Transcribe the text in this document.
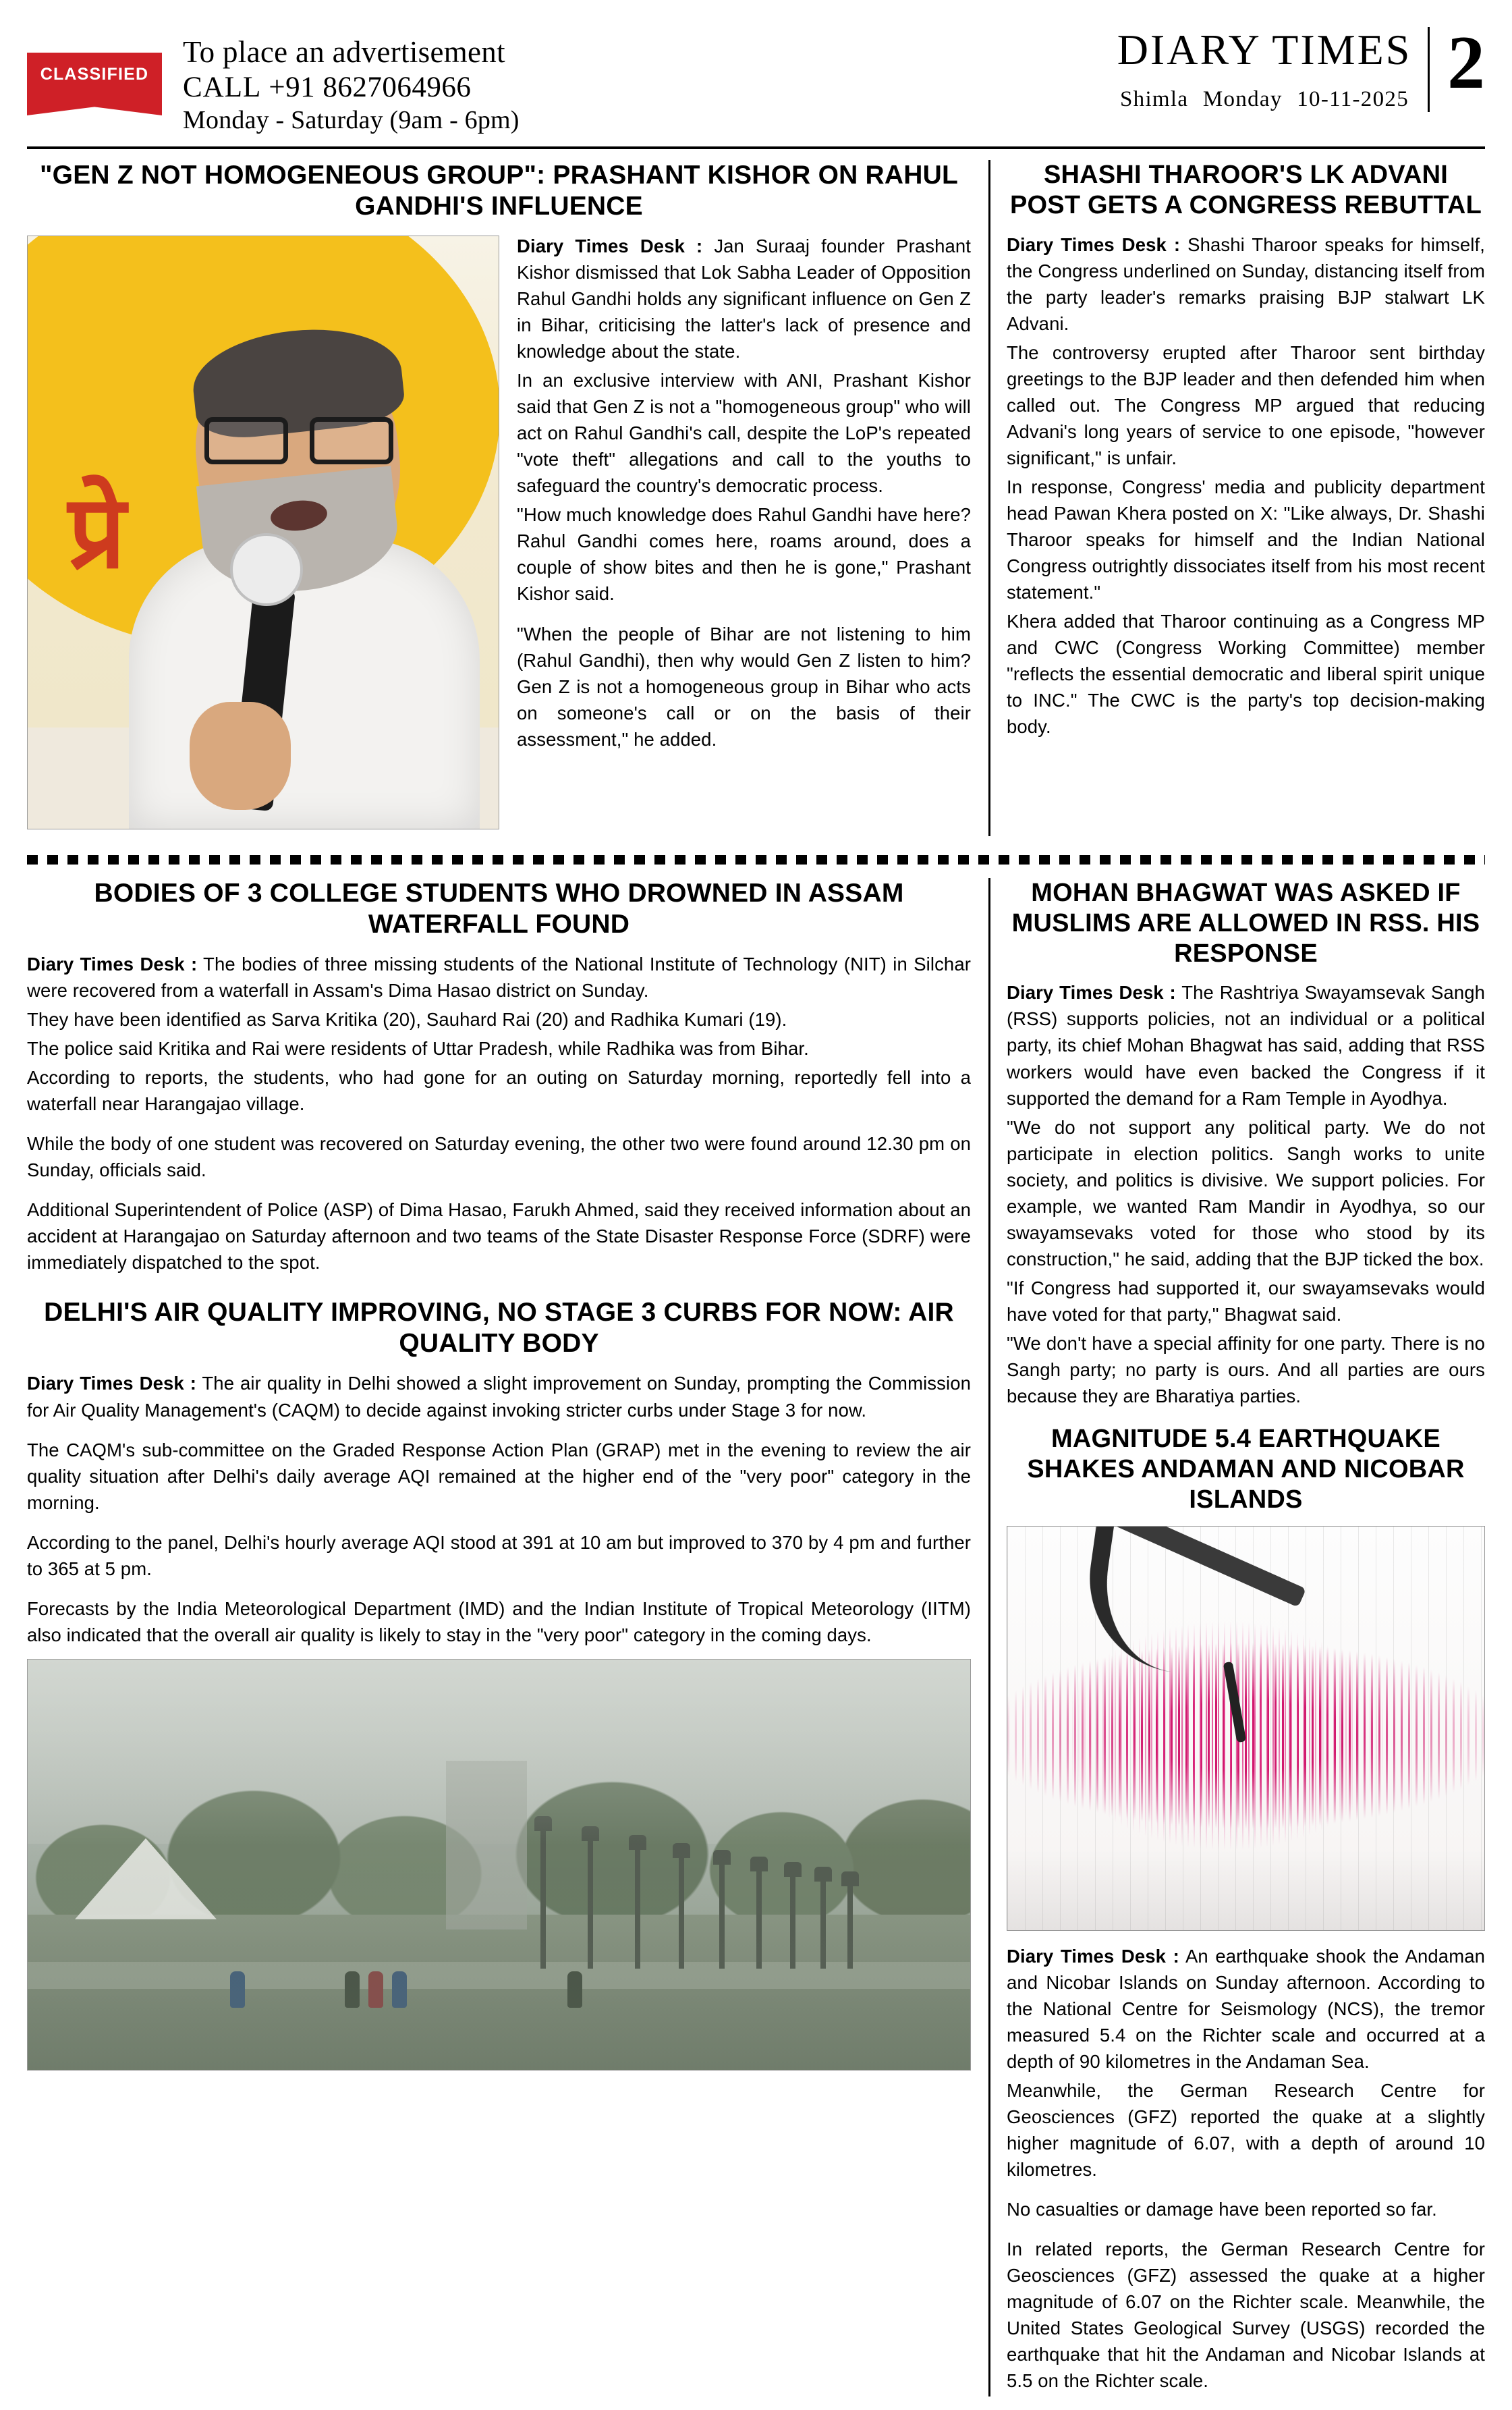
CLASSIFIED
To place an advertisement
CALL +91 8627064966
Monday - Saturday (9am - 6pm)
DIARY TIMES
Shimla Monday 10-11-2025 2
"GEN Z NOT HOMOGENEOUS GROUP": PRASHANT KISHOR ON RAHUL GANDHI'S INFLUENCE
प्रे

Diary Times Desk : Jan Suraaj founder Prashant Kishor dismissed that Lok Sabha Leader of Opposition Rahul Gandhi holds any significant influence on Gen Z in Bihar, criticising the latter's lack of presence and knowledge about the state.

In an exclusive interview with ANI, Prashant Kishor said that Gen Z is not a "homogeneous group" who will act on Rahul Gandhi's call, despite the LoP's repeated "vote theft" allegations and call to the youths to safeguard the country's democratic process.

"How much knowledge does Rahul Gandhi have here? Rahul Gandhi comes here, roams around, does a couple of show bites and then he is gone," Prashant Kishor said.

"When the people of Bihar are not listening to him (Rahul Gandhi), then why would Gen Z listen to him? Gen Z is not a homogeneous group in Bihar who acts on someone's call or on the basis of their assessment," he added.

SHASHI THAROOR'S LK ADVANI POST GETS A CONGRESS REBUTTAL

Diary Times Desk : Shashi Tharoor speaks for himself, the Congress underlined on Sunday, distancing itself from the party leader's remarks praising BJP stalwart LK Advani.

The controversy erupted after Tharoor sent birthday greetings to the BJP leader and then defended him when called out. The Congress MP argued that reducing Advani's long years of service to one episode, "however significant," is unfair.

In response, Congress' media and publicity department head Pawan Khera posted on X: "Like always, Dr. Shashi Tharoor speaks for himself and the Indian National Congress outrightly dissociates itself from his most recent statement."

Khera added that Tharoor continuing as a Congress MP and CWC (Congress Working Committee) member "reflects the essential democratic and liberal spirit unique to INC." The CWC is the party's top decision-making body.

BODIES OF 3 COLLEGE STUDENTS WHO DROWNED IN ASSAM WATERFALL FOUND

Diary Times Desk : The bodies of three missing students of the National Institute of Technology (NIT) in Silchar were recovered from a waterfall in Assam's Dima Hasao district on Sunday.

They have been identified as Sarva Kritika (20), Sauhard Rai (20) and Radhika Kumari (19).

The police said Kritika and Rai were residents of Uttar Pradesh, while Radhika was from Bihar.

According to reports, the students, who had gone for an outing on Saturday morning, reportedly fell into a waterfall near Harangajao village.

While the body of one student was recovered on Saturday evening, the other two were found around 12.30 pm on Sunday, officials said.

Additional Superintendent of Police (ASP) of Dima Hasao, Farukh Ahmed, said they received information about an accident at Harangajao on Saturday afternoon and two teams of the State Disaster Response Force (SDRF) were immediately dispatched to the spot.

DELHI'S AIR QUALITY IMPROVING, NO STAGE 3 CURBS FOR NOW: AIR QUALITY BODY

Diary Times Desk : The air quality in Delhi showed a slight improvement on Sunday, prompting the Commission for Air Quality Management's (CAQM) to decide against invoking stricter curbs under Stage 3 for now.

The CAQM's sub-committee on the Graded Response Action Plan (GRAP) met in the evening to review the air quality situation after Delhi's daily average AQI remained at the higher end of the "very poor" category in the morning.

According to the panel, Delhi's hourly average AQI stood at 391 at 10 am but improved to 370 by 4 pm and further to 365 at 5 pm.

Forecasts by the India Meteorological Department (IMD) and the Indian Institute of Tropical Meteorology (IITM) also indicated that the overall air quality is likely to stay in the "very poor" category in the coming days.

MOHAN BHAGWAT WAS ASKED IF MUSLIMS ARE ALLOWED IN RSS. HIS RESPONSE

Diary Times Desk : The Rashtriya Swayamsevak Sangh (RSS) supports policies, not an individual or a political party, its chief Mohan Bhagwat has said, adding that RSS workers would have even backed the Congress if it supported the demand for a Ram Temple in Ayodhya.

"We do not support any political party. We do not participate in election politics. Sangh works to unite society, and politics is divisive. We support policies. For example, we wanted Ram Mandir in Ayodhya, so our swayamsevaks voted for those who stood by its construction," he said, adding that the BJP ticked the box.

"If Congress had supported it, our swayamsevaks would have voted for that party," Bhagwat said.

"We don't have a special affinity for one party. There is no Sangh party; no party is ours. And all parties are ours because they are Bharatiya parties.

MAGNITUDE 5.4 EARTHQUAKE SHAKES ANDAMAN AND NICOBAR ISLANDS

Diary Times Desk : An earthquake shook the Andaman and Nicobar Islands on Sunday afternoon. According to the National Centre for Seismology (NCS), the tremor measured 5.4 on the Richter scale and occurred at a depth of 90 kilometres in the Andaman Sea.

Meanwhile, the German Research Centre for Geosciences (GFZ) reported the quake at a slightly higher magnitude of 6.07, with a depth of around 10 kilometres.

No casualties or damage have been reported so far.

In related reports, the German Research Centre for Geosciences (GFZ) assessed the quake at a higher magnitude of 6.07 on the Richter scale. Meanwhile, the United States Geological Survey (USGS) recorded the earthquake that hit the Andaman and Nicobar Islands at 5.5 on the Richter scale.
